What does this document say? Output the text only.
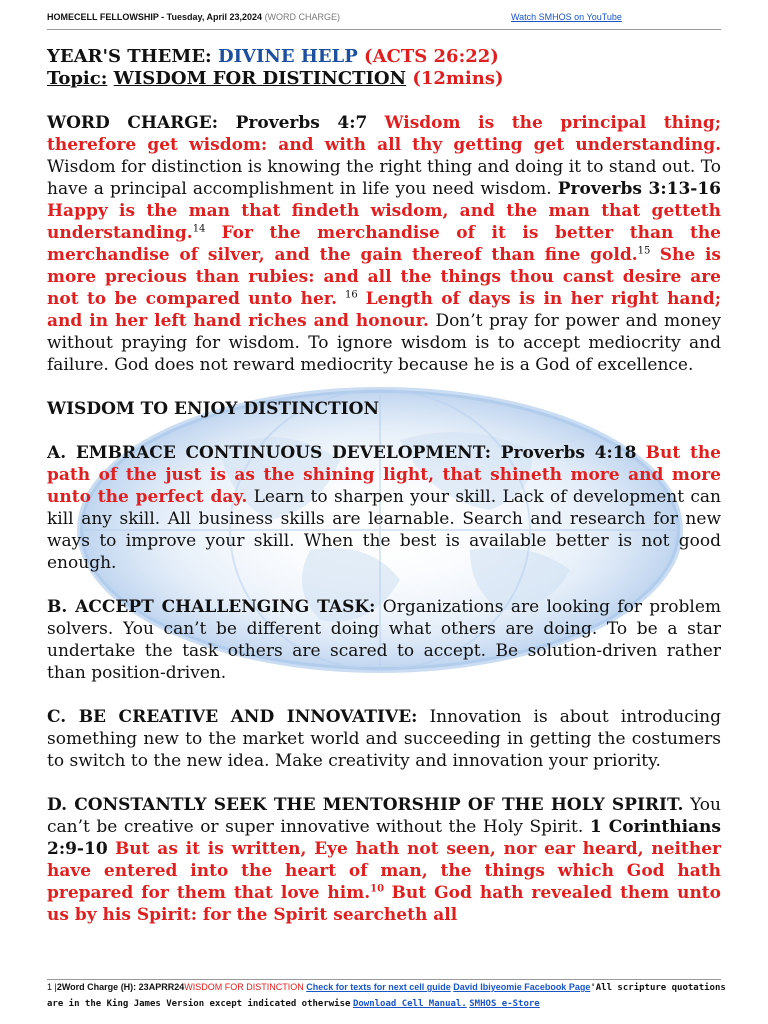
HOMECELL FELLOWSHIP - Tuesday, April 23,2024 (WORD CHARGE)	Watch SMHOS on YouTube

YEAR'S THEME: DIVINE HELP (ACTS 26:22)
Topic: WISDOM FOR DISTINCTION (12mins)

WORD CHARGE: Proverbs 4:7 Wisdom is the principal thing; therefore get wisdom: and with all thy getting get understanding. Wisdom for distinction is knowing the right thing and doing it to stand out. To have a principal accomplishment in life you need wisdom. Proverbs 3:13-16 Happy is the man that findeth wisdom, and the man that getteth understanding.$^{14}$ For the merchandise of it is better than the merchandise of silver, and the gain thereof than fine gold.$^{15}$ She is more precious than rubies: and all the things thou canst desire are not to be compared unto her. $^{16}$ Length of days is in her right hand; and in her left hand riches and honour. Don’t pray for power and money without praying for wisdom. To ignore wisdom is to accept mediocrity and failure. God does not reward mediocrity because he is a God of excellence.

WISDOM TO ENJOY DISTINCTION

A. EMBRACE CONTINUOUS DEVELOPMENT: Proverbs 4:18 But the path of the just is as the shining light, that shineth more and more unto the perfect day. Learn to sharpen your skill. Lack of development can kill any skill. All business skills are learnable. Search and research for new ways to improve your skill. When the best is available better is not good enough.

B. ACCEPT CHALLENGING TASK: Organizations are looking for problem solvers. You can’t be different doing what others are doing. To be a star undertake the task others are scared to accept. Be solution-driven rather than position-driven.

C. BE CREATIVE AND INNOVATIVE: Innovation is about introducing something new to the market world and succeeding in getting the costumers to switch to the new idea. Make creativity and innovation your priority.

D. CONSTANTLY SEEK THE MENTORSHIP OF THE HOLY SPIRIT. You can’t be creative or super innovative without the Holy Spirit. 1 Corinthians 2:9-10 But as it is written, Eye hath not seen, nor ear heard, neither have entered into the heart of man, the things which God hath prepared for them that love him.$^{10}$ But God hath revealed them unto us by his Spirit: for the Spirit searcheth all

1 |2Word Charge (H): 23APRR24WISDOM FOR DISTINCTION Check for texts for next cell guide David Ibiyeomie Facebook Page'All scripture quotations are in the King James Version except indicated otherwise Download Cell Manual. SMHOS e-Store
